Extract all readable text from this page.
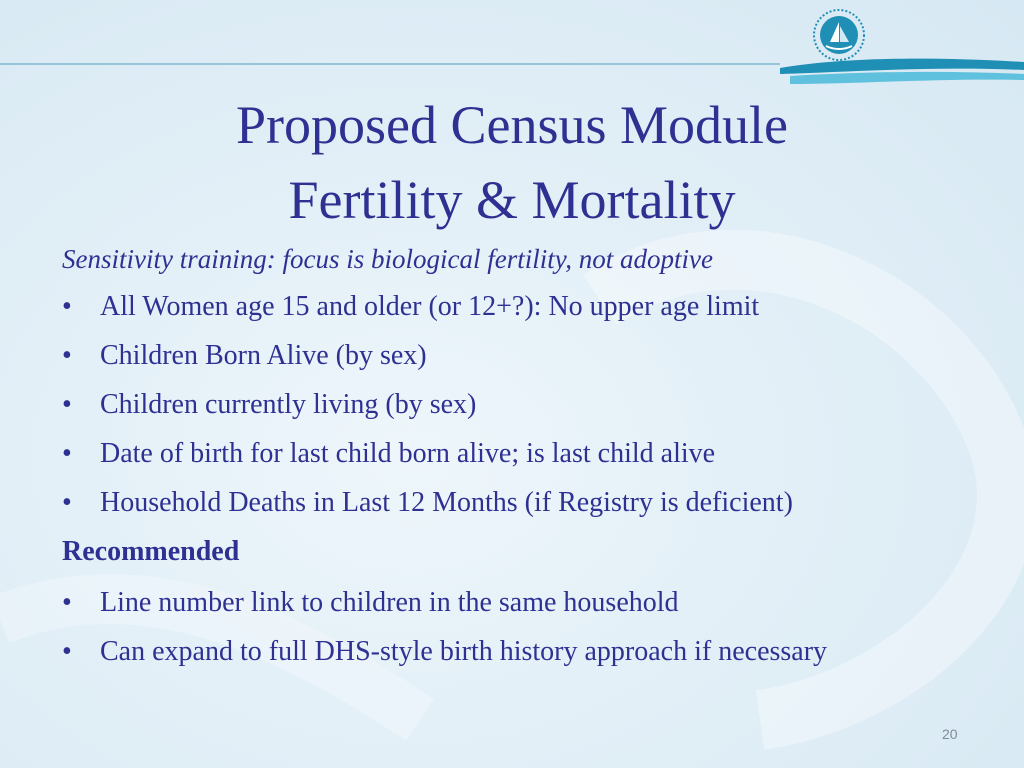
Proposed Census Module
Fertility & Mortality

Sensitivity training: focus is biological fertility, not adoptive

• All Women age 15 and older (or 12+?): No upper age limit
• Children Born Alive (by sex)
• Children currently living (by sex)
• Date of birth for last child born alive; is last child alive
• Household Deaths in Last 12 Months (if Registry is deficient)

Recommended

• Line number link to children in the same household
• Can expand to full DHS-style birth history approach if necessary
20
